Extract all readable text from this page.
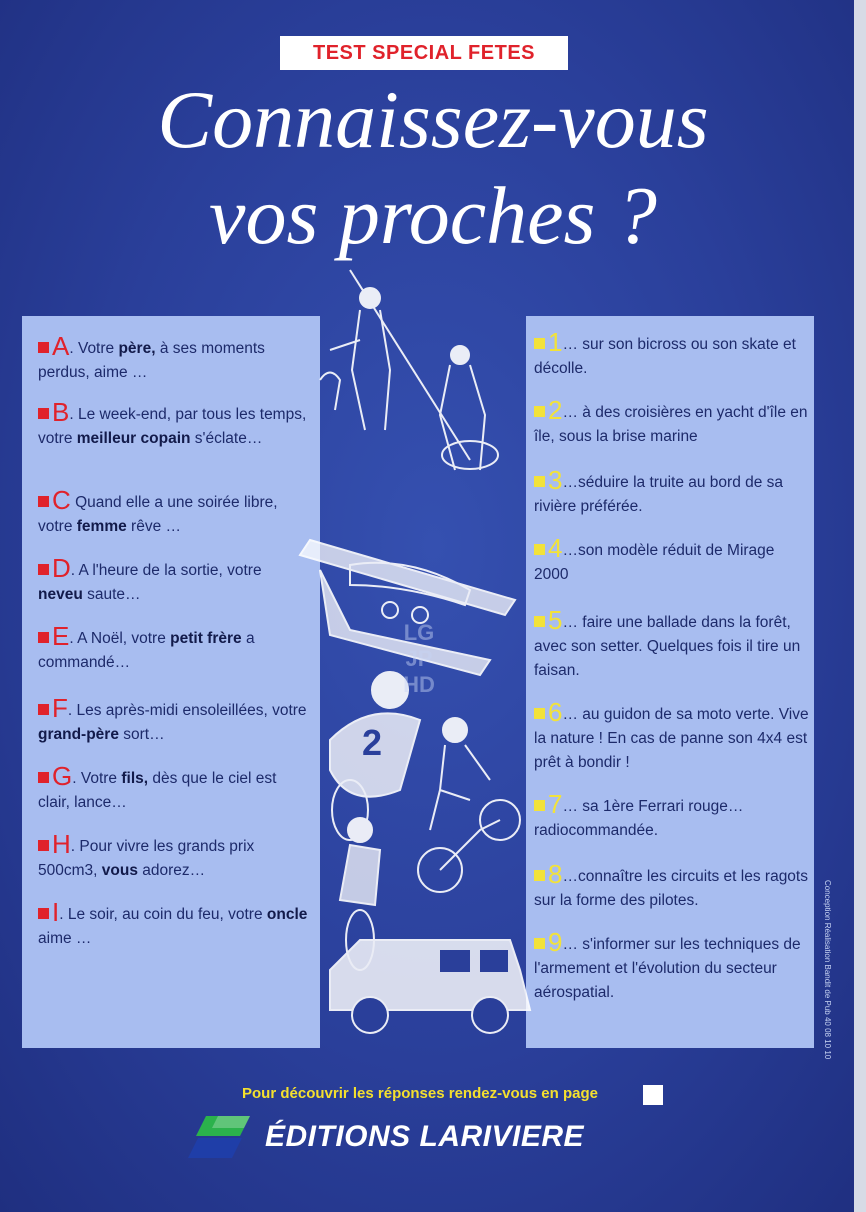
TEST SPECIAL FETES
Connaissez-vous
vos proches ?
A. Votre père, à ses moments perdus, aime …
B. Le week-end, par tous les temps, votre meilleur copain s'éclate…
C Quand elle a une soirée libre, votre femme rêve …
D. A l'heure de la sortie, votre neveu saute…
E. A Noël, votre petit frère a commandé…
F. Les après-midi ensoleillées, votre grand-père sort…
G. Votre fils, dès que le ciel est clair, lance…
H. Pour vivre les grands prix 500cm3, vous adorez…
I. Le soir, au coin du feu, votre oncle aime …
1… sur son bicross ou son skate et décolle.
2… à des croisières en yacht d'île en île, sous la brise marine
3…séduire la truite au bord de sa rivière préférée.
4…son modèle réduit de Mirage 2000
5… faire une ballade dans la forêt, avec son setter. Quelques fois il tire un faisan.
6… au guidon de sa moto verte. Vive la nature ! En cas de panne son 4x4 est prêt à bondir !
7… sa 1ère Ferrari rouge… radiocommandée.
8…connaître les circuits et les ragots sur la forme des pilotes.
9… s'informer sur les techniques de l'armement et l'évolution du secteur aérospatial.
2
LG
JP
HD
Conception Réalisation Bandit de Pub 40 08 10 10
Pour découvrir les réponses rendez-vous en page
ÉDITIONS LARIVIERE
